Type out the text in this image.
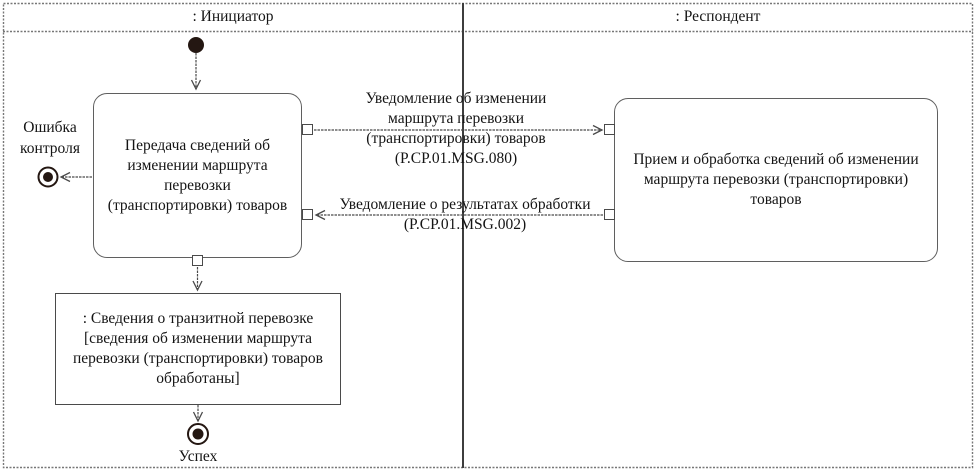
: Инициатор	: Респондент
Передача сведений об
изменении маршрута
перевозки
(транспортировки) товаров
Прием и обработка сведений об изменении
маршрута перевозки (транспортировки)
товаров
: Сведения о транзитной перевозке
[сведения об изменении маршрута
перевозки (транспортировки) товаров
обработаны]
Уведомление об изменении
маршрута перевозки
(транспортировки) товаров
(P.CP.01.MSG.080)
Уведомление о результатах обработки
(P.CP.01.MSG.002)
Ошибка
контроля
Успех
